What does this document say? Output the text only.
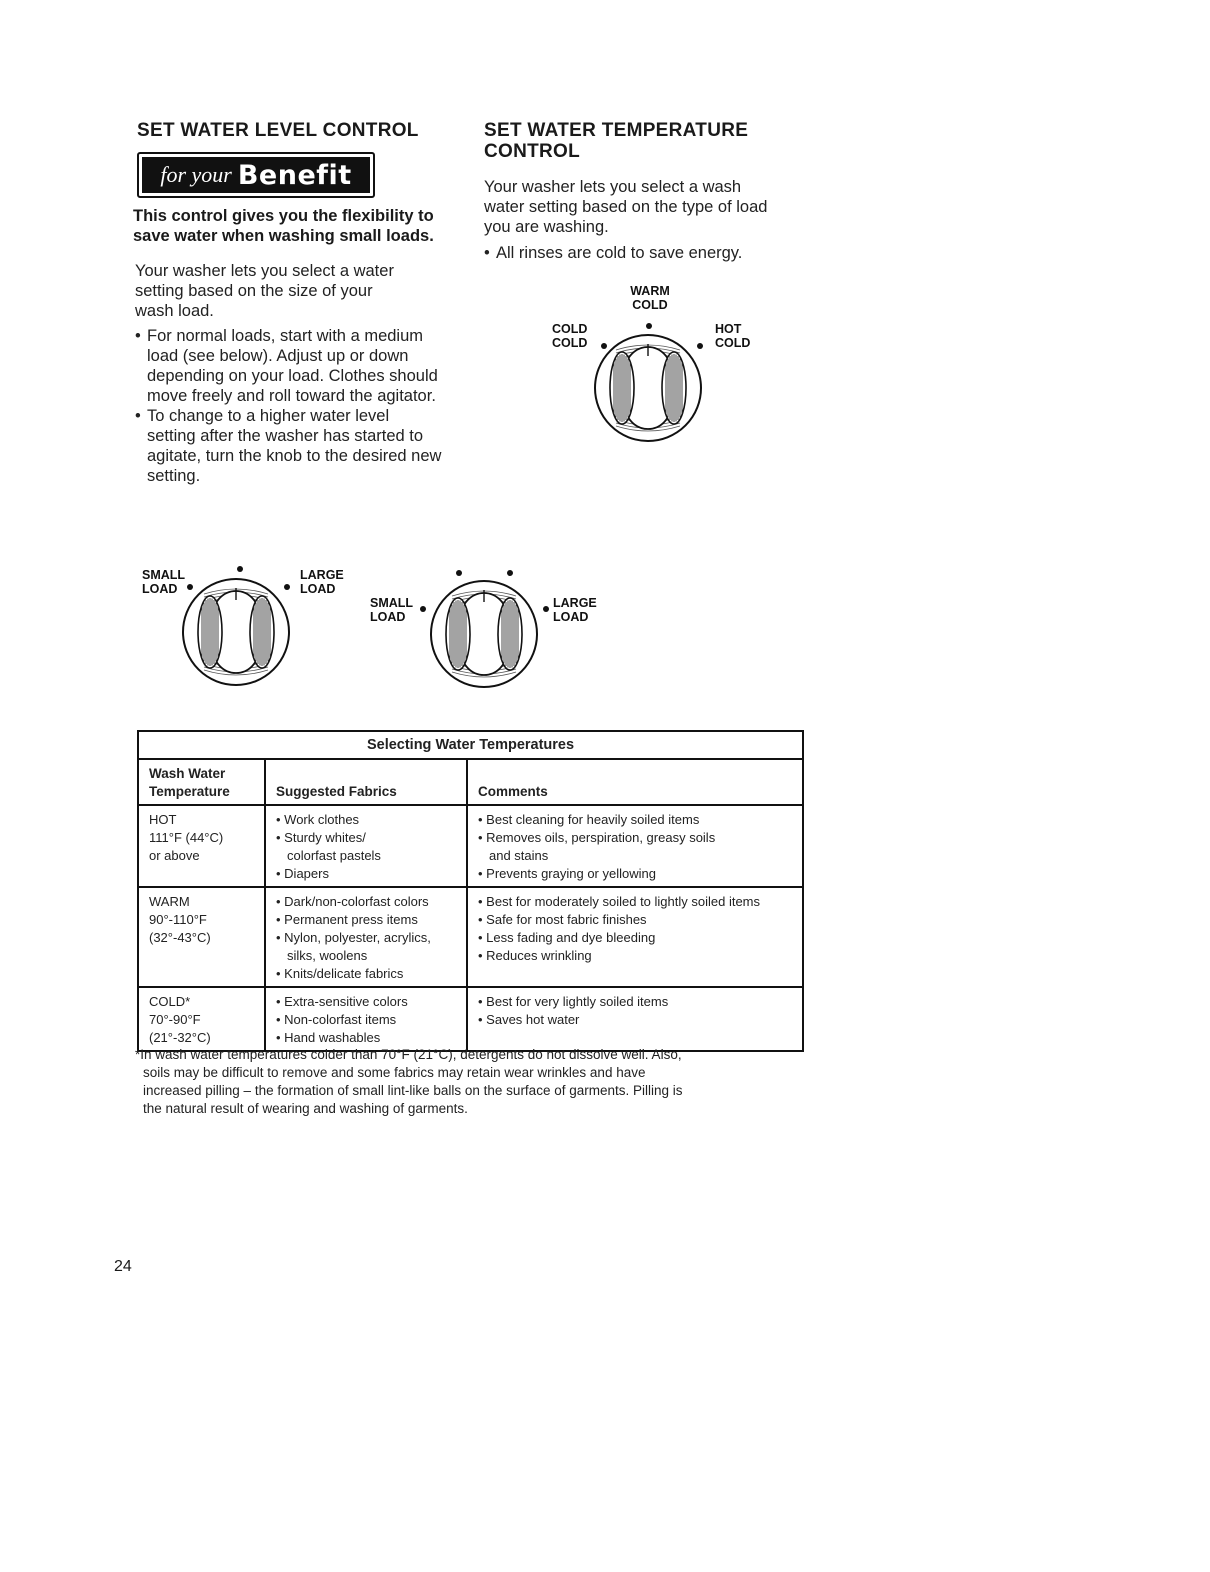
SET WATER LEVEL CONTROL
for your Benefit
This control gives you the flexibility to
save water when washing small loads.
Your washer lets you select a water
setting based on the size of your
wash load.
• For normal loads, start with a medium
load (see below). Adjust up or down
depending on your load. Clothes should
move freely and roll toward the agitator.
• To change to a higher water level
setting after the washer has started to
agitate, turn the knob to the desired new
setting.
SET WATER TEMPERATURE
CONTROL
Your washer lets you select a wash
water setting based on the type of load
you are washing.
• All rinses are cold to save energy.
WARM
COLD
COLD
COLD
HOT
COLD
SMALL
LOAD
LARGE
LOAD
SMALL
LOAD
LARGE
LOAD
Selecting Water Temperatures		
Wash Water
Temperature	Suggested Fabrics	Comments

HOT
111°F (44°C)
or above	• Work clothes
• Sturdy whites/
colorfast pastels
• Diapers	• Best cleaning for heavily soiled items
• Removes oils, perspiration, greasy soils
and stains
• Prevents graying or yellowing

WARM
90°-110°F
(32°-43°C)	• Dark/non-colorfast colors
• Permanent press items
• Nylon, polyester, acrylics,
silks, woolens
• Knits/delicate fabrics	• Best for moderately soiled to lightly soiled items
• Safe for most fabric finishes
• Less fading and dye bleeding
• Reduces wrinkling

COLD*
70°-90°F
(21°-32°C)	• Extra-sensitive colors
• Non-colorfast items
• Hand washables	• Best for very lightly soiled items
• Saves hot water
*In wash water temperatures colder than 70°F (21°C), detergents do not dissolve well. Also,
soils may be difficult to remove and some fabrics may retain wear wrinkles and have
increased pilling – the formation of small lint-like balls on the surface of garments. Pilling is
the natural result of wearing and washing of garments.
24
